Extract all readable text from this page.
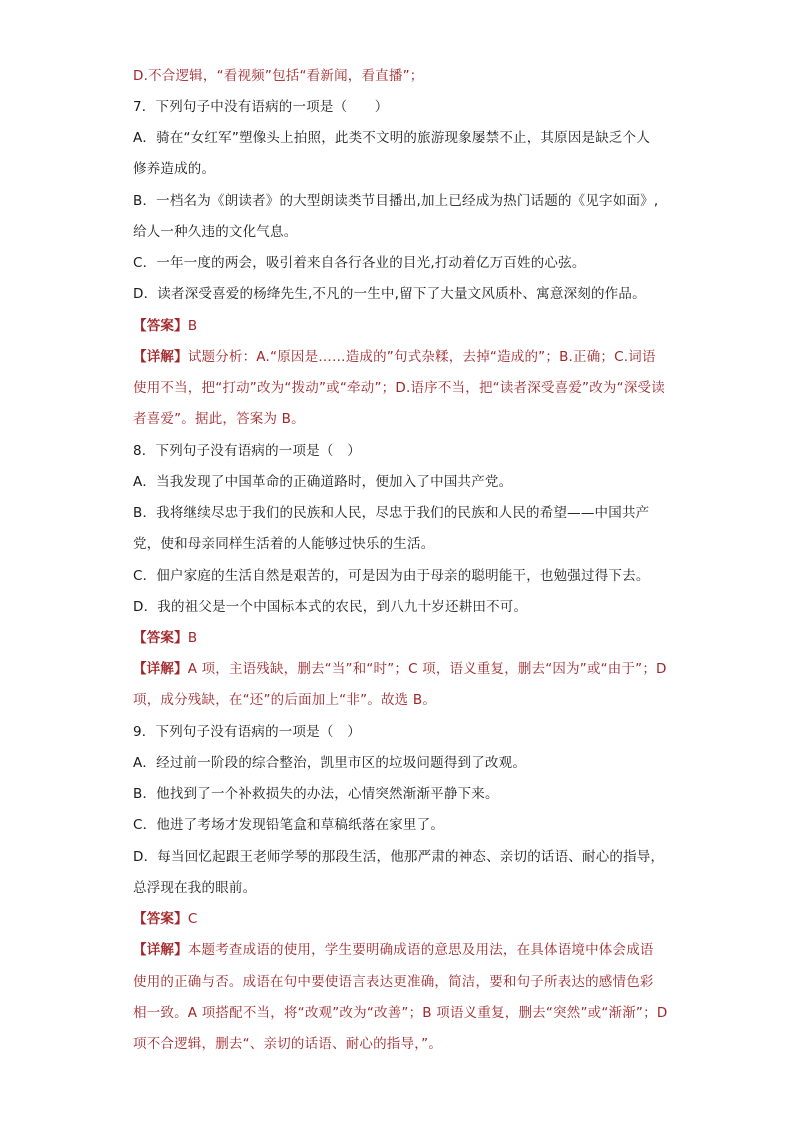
D.不合逻辑，“看视频”包括“看新闻，看直播”；
7．下列句子中没有语病的一项是（　　）
A．骑在“女红军”塑像头上拍照，此类不文明的旅游现象屡禁不止，其原因是缺乏个人
修养造成的。
B．一档名为《朗读者》的大型朗读类节目播出,加上已经成为热门话题的《见字如面》,
给人一种久违的文化气息。
C．一年一度的两会，吸引着来自各行各业的目光,打动着亿万百姓的心弦。
D．读者深受喜爱的杨绛先生,不凡的一生中,留下了大量文风质朴、寓意深刻的作品。
【答案】B
【详解】试题分析：A.“原因是……造成的”句式杂糅，去掉“造成的”；B.正确；C.词语
使用不当，把“打动”改为“拨动”或“牵动”；D.语序不当，把“读者深受喜爱”改为“深受读
者喜爱”。据此，答案为 B。
8．下列句子没有语病的一项是（　）
A．当我发现了中国革命的正确道路时，便加入了中国共产党。
B．我将继续尽忠于我们的民族和人民，尽忠于我们的民族和人民的希望——中国共产
党，使和母亲同样生活着的人能够过快乐的生活。
C．佃户家庭的生活自然是艰苦的，可是因为由于母亲的聪明能干，也勉强过得下去。
D．我的祖父是一个中国标本式的农民，到八九十岁还耕田不可。
【答案】B
【详解】A 项，主语残缺，删去“当”和“时”；C 项，语义重复，删去“因为”或“由于”；D
项，成分残缺，在“还”的后面加上“非”。故选 B。
9．下列句子没有语病的一项是（　）
A．经过前一阶段的综合整治，凯里市区的垃圾问题得到了改观。
B．他找到了一个补救损失的办法，心情突然渐渐平静下来。
C．他进了考场才发现铅笔盒和草稿纸落在家里了。
D．每当回忆起跟王老师学琴的那段生活，他那严肃的神态、亲切的话语、耐心的指导，
总浮现在我的眼前。
【答案】C
【详解】本题考查成语的使用，学生要明确成语的意思及用法，在具体语境中体会成语
使用的正确与否。成语在句中要使语言表达更准确，简洁，要和句子所表达的感情色彩
相一致。A 项搭配不当，将“改观”改为“改善”；B 项语义重复，删去“突然”或“渐渐”；D
项不合逻辑，删去“、亲切的话语、耐心的指导，”。
